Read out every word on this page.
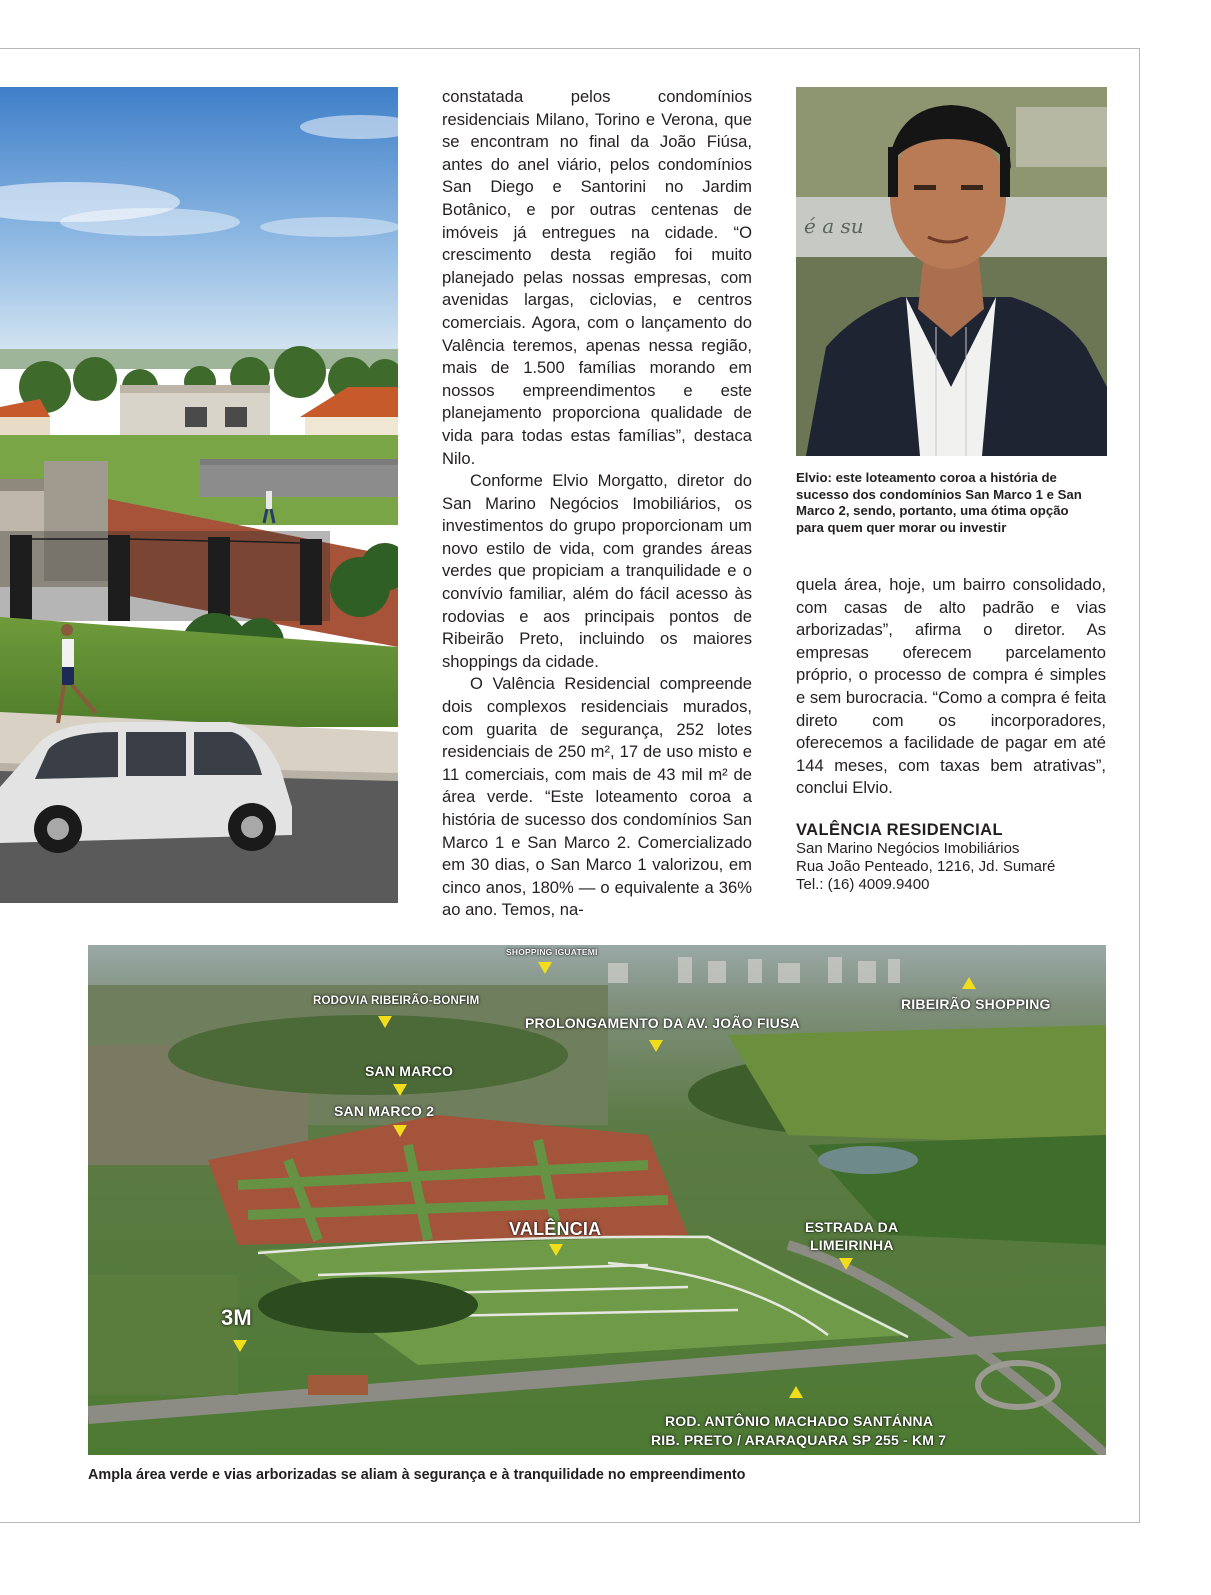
constatada pelos condomínios residenciais Milano, Torino e Verona, que se encontram no final da João Fiúsa, antes do anel viário, pelos condomínios San Diego e Santorini no Jardim Botânico, e por outras centenas de imóveis já entregues na cidade. “O crescimento desta região foi muito planejado pelas nossas empresas, com avenidas largas, ciclovias, e centros comerciais. Agora, com o lançamento do Valência teremos, apenas nessa região, mais de 1.500 famílias morando em nossos empreendimentos e este planejamento proporciona qualidade de vida para todas estas famílias”, destaca Nilo.

Conforme Elvio Morgatto, diretor do San Marino Negócios Imobiliários, os investimentos do grupo proporcionam um novo estilo de vida, com grandes áreas verdes que propiciam a tranquilidade e o convívio familiar, além do fácil acesso às rodovias e aos principais pontos de Ribeirão Preto, incluindo os maiores shoppings da cidade.

O Valência Residencial compreende dois complexos residenciais murados, com guarita de segurança, 252 lotes residenciais de 250 m², 17 de uso misto e 11 comerciais, com mais de 43 mil m² de área verde. “Este loteamento coroa a história de sucesso dos condomínios San Marco 1 e San Marco 2. Comercializado em 30 dias, o San Marco 1 valorizou, em cinco anos, 180% — o equivalente a 36% ao ano. Temos, na-

é a su
Elvio: este loteamento coroa a história de sucesso dos condomínios San Marco 1 e San Marco 2, sendo, portanto, uma ótima opção para quem quer morar ou investir

quela área, hoje, um bairro consolidado, com casas de alto padrão e vias arborizadas”, afirma o diretor. As empresas oferecem parcelamento próprio, o processo de compra é simples e sem burocracia. “Como a compra é feita direto com os incorporadores, oferecemos a facilidade de pagar em até 144 meses, com taxas bem atrativas”, conclui Elvio.

VALÊNCIA RESIDENCIAL
San Marino Negócios Imobiliários
Rua João Penteado, 1216, Jd. Sumaré
Tel.: (16) 4009.9400
SHOPPING IGUATEMI
RODOVIA RIBEIRÃO-BONFIM	RIBEIRÃO SHOPPING
PROLONGAMENTO DA AV. JOÃO FIUSA
SAN MARCO
SAN MARCO 2
VALÊNCIA	ESTRADA DA
LIMEIRINHA
3M
ROD. ANTÔNIO MACHADO SANTÁNNA
RIB. PRETO / ARARAQUARA SP 255 - KM 7
Ampla área verde e vias arborizadas se aliam à segurança e à tranquilidade no empreendimento
